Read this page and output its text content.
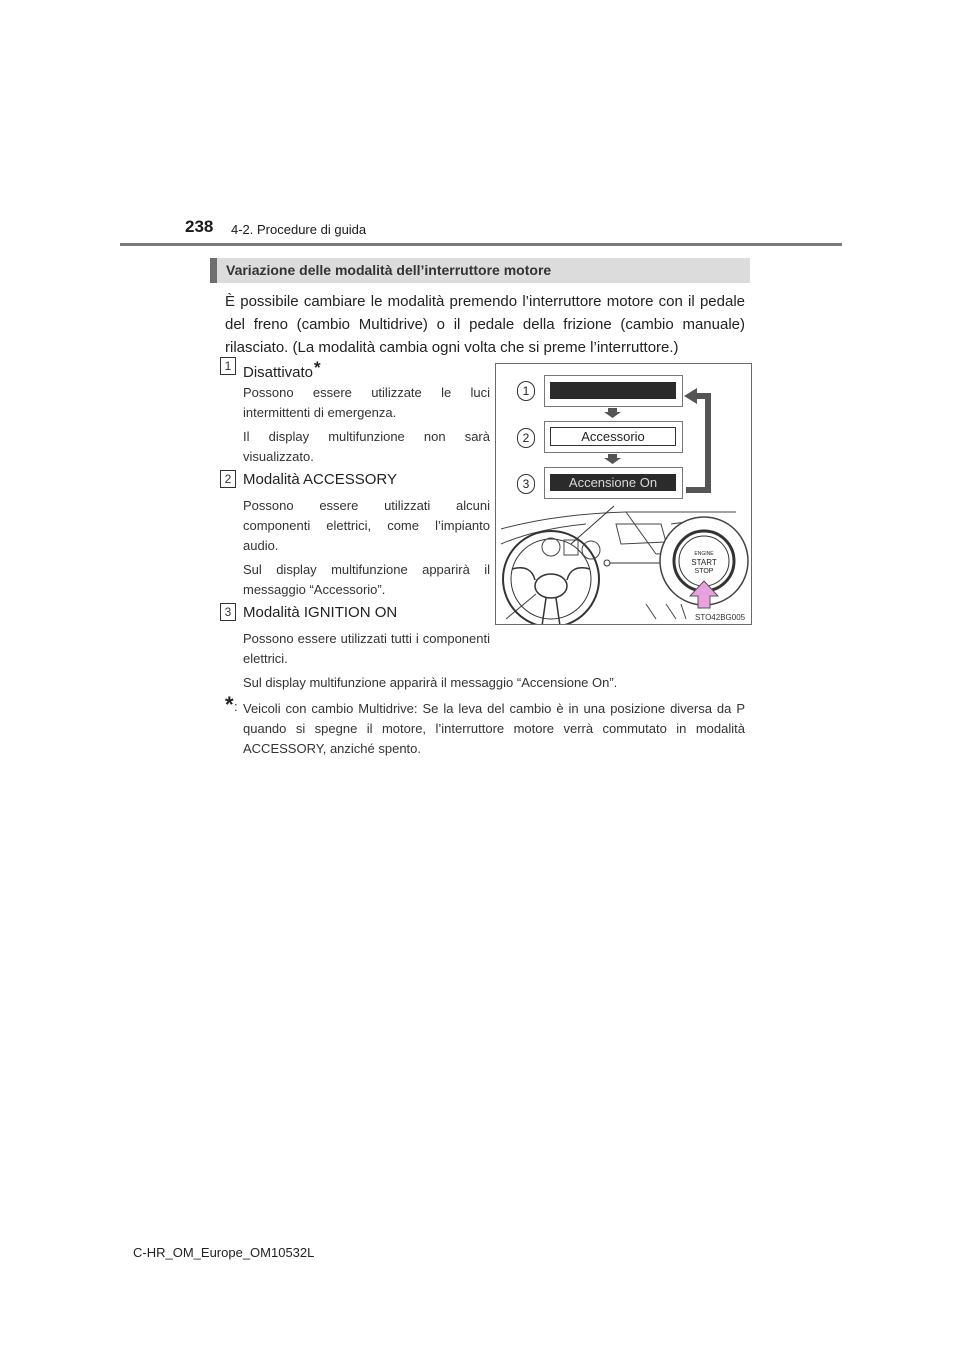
238 4-2. Procedure di guida
Variazione delle modalità dell’interruttore motore
È possibile cambiare le modalità premendo l’interruttore motore con il pedale del freno (cambio Multidrive) o il pedale della frizione (cambio manuale) rilasciato. (La modalità cambia ogni volta che si preme l’interruttore.)
1 Disattivato*
Possono essere utilizzate le luci intermittenti di emergenza.
Il display multifunzione non sarà visualizzato.
2 Modalità ACCESSORY
Possono essere utilizzati alcuni componenti elettrici, come l’impianto audio.
Sul display multifunzione apparirà il messaggio “Accessorio”.
3 Modalità IGNITION ON
Possono essere utilizzati tutti i componenti elettrici.
Sul display multifunzione apparirà il messaggio “Accensione On”.
* : Veicoli con cambio Multidrive: Se la leva del cambio è in una posizione diversa da P quando si spegne il motore, l’interruttore motore verrà commutato in modalità ACCESSORY, anziché spento.
Accessorio
Accensione On
1
2
3
ENGINE
START
STOP
STO42BG005
C-HR_OM_Europe_OM10532L
